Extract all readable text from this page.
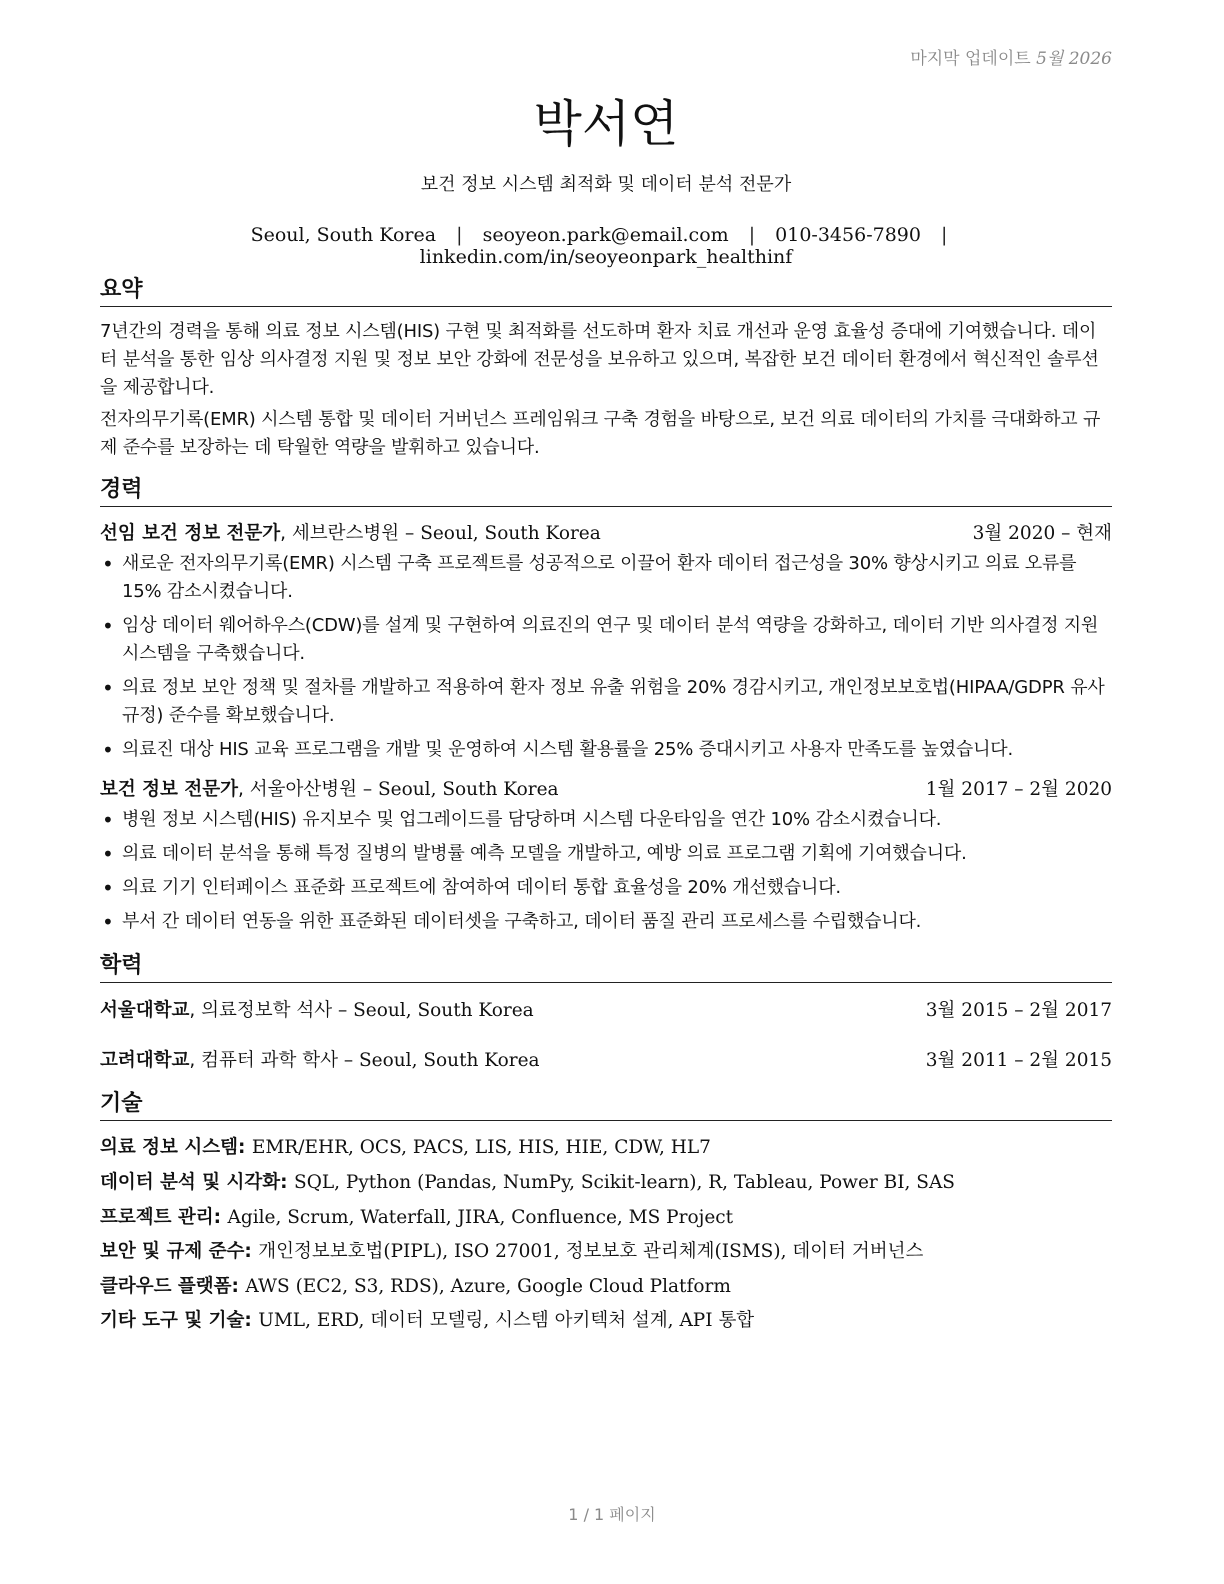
마지막 업데이트 5월 2026
박서연
보건 정보 시스템 최적화 및 데이터 분석 전문가
Seoul, South Korea | seoyeon.park@email.com | 010-3456-7890 | linkedin.com/in/seoyeonpark_healthinf
요약
7년간의 경력을 통해 의료 정보 시스템(HIS) 구현 및 최적화를 선도하며 환자 치료 개선과 운영 효율성 증대에 기여했습니다. 데이터 분석을 통한 임상 의사결정 지원 및 정보 보안 강화에 전문성을 보유하고 있으며, 복잡한 보건 데이터 환경에서 혁신적인 솔루션을 제공합니다.
전자의무기록(EMR) 시스템 통합 및 데이터 거버넌스 프레임워크 구축 경험을 바탕으로, 보건 의료 데이터의 가치를 극대화하고 규제 준수를 보장하는 데 탁월한 역량을 발휘하고 있습니다.
경력
선임 보건 정보 전문가, 세브란스병원 – Seoul, South Korea	3월 2020 – 현재
• 새로운 전자의무기록(EMR) 시스템 구축 프로젝트를 성공적으로 이끌어 환자 데이터 접근성을 30% 향상시키고 의료 오류를 15% 감소시켰습니다.
• 임상 데이터 웨어하우스(CDW)를 설계 및 구현하여 의료진의 연구 및 데이터 분석 역량을 강화하고, 데이터 기반 의사결정 지원 시스템을 구축했습니다.
• 의료 정보 보안 정책 및 절차를 개발하고 적용하여 환자 정보 유출 위험을 20% 경감시키고, 개인정보보호법(HIPAA/GDPR 유사 규정) 준수를 확보했습니다.
• 의료진 대상 HIS 교육 프로그램을 개발 및 운영하여 시스템 활용률을 25% 증대시키고 사용자 만족도를 높였습니다.
보건 정보 전문가, 서울아산병원 – Seoul, South Korea	1월 2017 – 2월 2020
• 병원 정보 시스템(HIS) 유지보수 및 업그레이드를 담당하며 시스템 다운타임을 연간 10% 감소시켰습니다.
• 의료 데이터 분석을 통해 특정 질병의 발병률 예측 모델을 개발하고, 예방 의료 프로그램 기획에 기여했습니다.
• 의료 기기 인터페이스 표준화 프로젝트에 참여하여 데이터 통합 효율성을 20% 개선했습니다.
• 부서 간 데이터 연동을 위한 표준화된 데이터셋을 구축하고, 데이터 품질 관리 프로세스를 수립했습니다.
학력
서울대학교, 의료정보학 석사 – Seoul, South Korea	3월 2015 – 2월 2017
고려대학교, 컴퓨터 과학 학사 – Seoul, South Korea	3월 2011 – 2월 2015
기술
의료 정보 시스템: EMR/EHR, OCS, PACS, LIS, HIS, HIE, CDW, HL7
데이터 분석 및 시각화: SQL, Python (Pandas, NumPy, Scikit-learn), R, Tableau, Power BI, SAS
프로젝트 관리: Agile, Scrum, Waterfall, JIRA, Confluence, MS Project
보안 및 규제 준수: 개인정보보호법(PIPL), ISO 27001, 정보보호 관리체계(ISMS), 데이터 거버넌스
클라우드 플랫폼: AWS (EC2, S3, RDS), Azure, Google Cloud Platform
기타 도구 및 기술: UML, ERD, 데이터 모델링, 시스템 아키텍처 설계, API 통합
1 / 1 페이지
